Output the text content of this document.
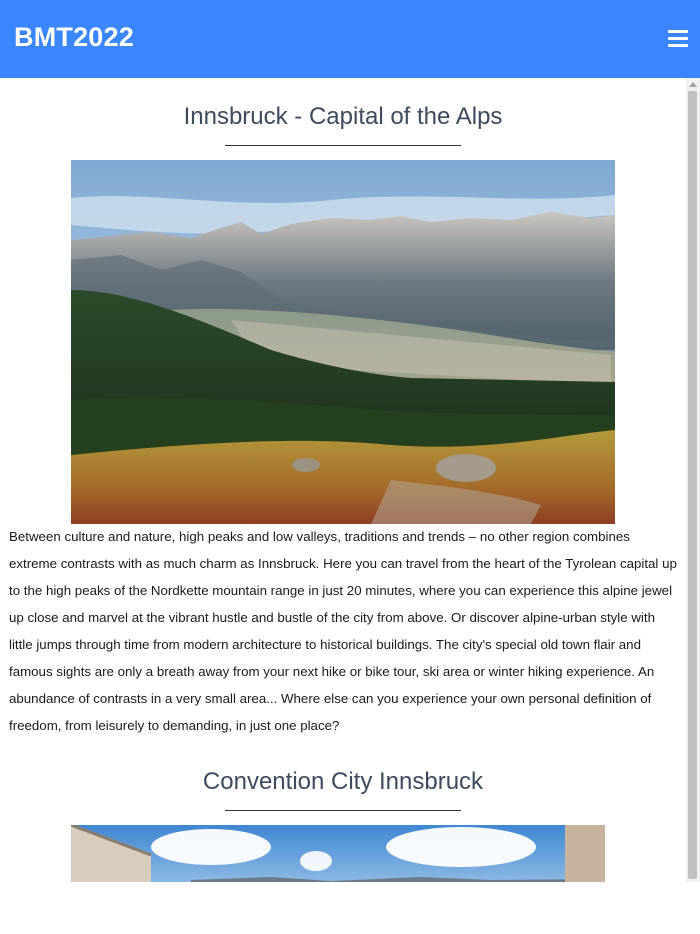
BMT2022
Innsbruck - Capital of the Alps
Between culture and nature, high peaks and low valleys, traditions and trends – no other region combines extreme contrasts with as much charm as Innsbruck. Here you can travel from the heart of the Tyrolean capital up to the high peaks of the Nordkette mountain range in just 20 minutes, where you can experience this alpine jewel up close and marvel at the vibrant hustle and bustle of the city from above. Or discover alpine-urban style with little jumps through time from modern architecture to historical buildings. The city's special old town flair and famous sights are only a breath away from your next hike or bike tour, ski area or winter hiking experience. An abundance of contrasts in a very small area... Where else can you experience your own personal definition of freedom, from leisurely to demanding, in just one place?
Convention City Innsbruck
